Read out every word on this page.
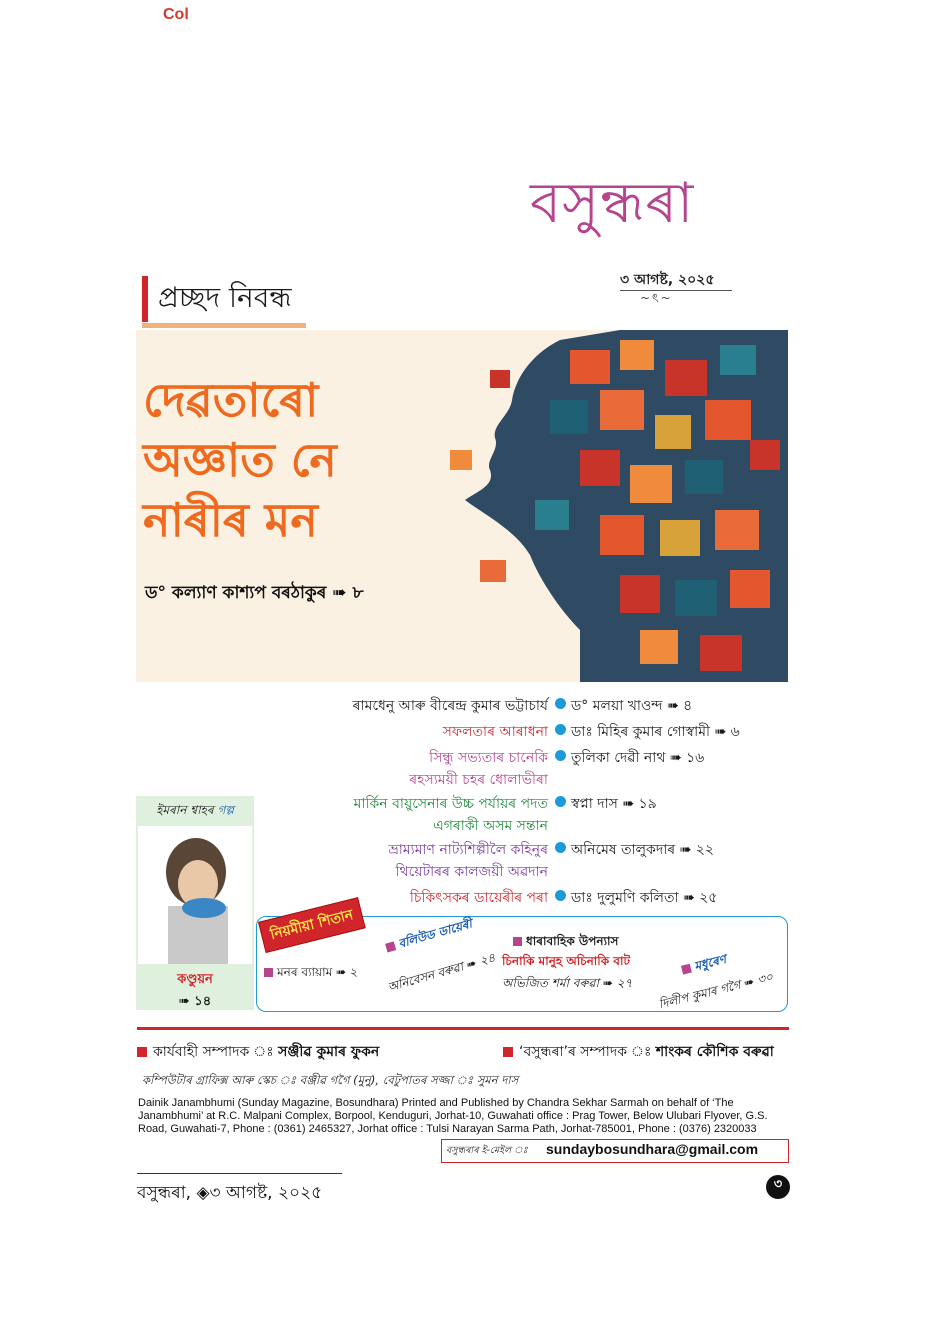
Col
বসুন্ধৰা
৩ আগষ্ট, ২০২৫
~ৎ~
প্ৰচ্ছদ নিবন্ধ
দেৱতাৰো
অজ্ঞাত নে
নাৰীৰ মন
ড° কল্যাণ কাশ্যপ বৰঠাকুৰ ➠ ৮
ৰামধেনু আৰু বীৰেন্দ্ৰ কুমাৰ ভট্টাচাৰ্য ড° মলয়া খাওন্দ ➠ ৪
সফলতাৰ আৰাধনা ডাঃ মিহিৰ কুমাৰ গোস্বামী ➠ ৬
সিন্ধু সভ্যতাৰ চানেকি
ৰহস্যময়ী চহৰ ধোলাভীৰা
তুলিকা দেৱী নাথ ➠ ১৬
মাৰ্কিন বায়ুসেনাৰ উচ্চ পৰ্যায়ৰ পদত
এগৰাকী অসম সন্তান
স্বপ্না দাস ➠ ১৯
ভ্ৰাম্যমাণ নাট্যশিল্পীলৈ কহিনুৰ
থিয়েটাৰৰ কালজয়ী অৱদান
অনিমেষ তালুকদাৰ ➠ ২২
চিকিৎসকৰ ডায়েৰীৰ পৰা ডাঃ দুলুমণি কলিতা ➠ ২৫
ইমৰান শ্বাহৰ গল্প
কণ্ডুয়ন
➠ ১৪
নিয়মীয়া শিতান
মনৰ ব্যায়াম ➠ ২
বলিউড ডায়েৰী
অনিবেসন বৰুৱা ➠ ২৪
ধাৰাবাহিক উপন্যাস
চিনাকি মানুহ অচিনাকি বাট
অভিজিত শৰ্মা বৰুৱা ➠ ২৭
মধুৰেণ
দিলীপ কুমাৰ গগৈ ➠ ৩০
কাৰ্যবাহী সম্পাদক ঃ সঞ্জীৱ কুমাৰ ফুকন	‘বসুন্ধৰা’ৰ সম্পাদক ঃ শাংকৰ কৌশিক বৰুৱা
কম্পিউটাৰ গ্ৰাফিক্স আৰু স্কেচ ঃ বঞ্জীৱ গগৈ (মুনু), বেটুপাতৰ সজ্জা ঃ সুমন দাস
Dainik Janambhumi (Sunday Magazine, Bosundhara) Printed and Published by Chandra Sekhar Sarmah on behalf of ‘The Janambhumi’ at R.C. Malpani Complex, Borpool, Kenduguri, Jorhat-10, Guwahati office : Prag Tower, Below Ulubari Flyover, G.S. Road, Guwahati-7, Phone : (0361) 2465327, Jorhat office : Tulsi Narayan Sarma Path, Jorhat-785001, Phone : (0376) 2320033
বসুন্ধৰাৰ ই-মেইল ঃ sundaybosundhara@gmail.com
বসুন্ধৰা, ◈৩ আগষ্ট, ২০২৫	৩
